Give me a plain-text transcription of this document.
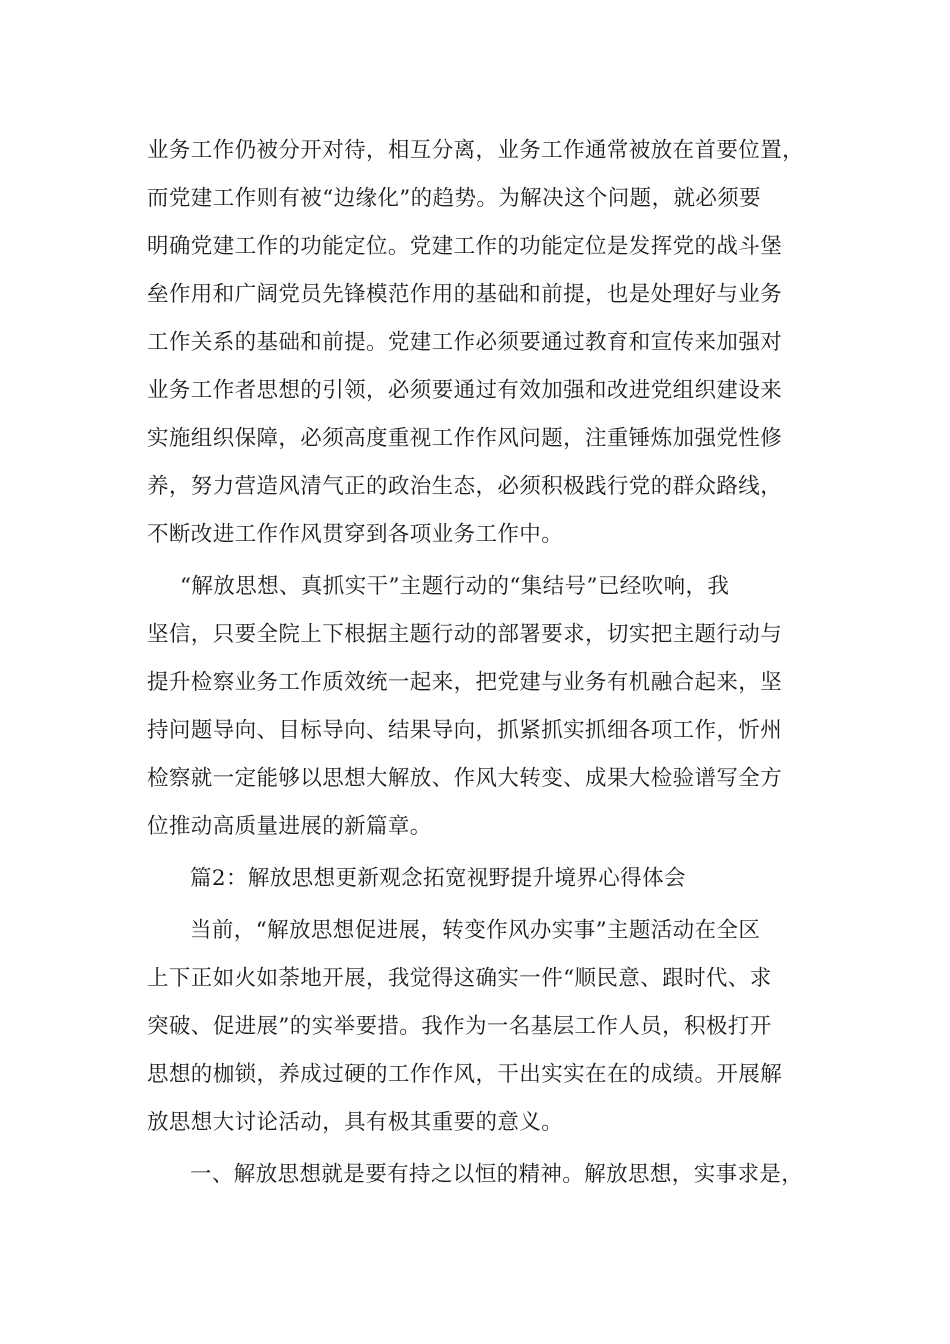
业务工作仍被分开对待，相互分离，业务工作通常被放在首要位置，
而党建工作则有被“边缘化”的趋势。为解决这个问题，就必须要
明确党建工作的功能定位。党建工作的功能定位是发挥党的战斗堡
垒作用和广阔党员先锋模范作用的基础和前提，也是处理好与业务
工作关系的基础和前提。党建工作必须要通过教育和宣传来加强对
业务工作者思想的引领，必须要通过有效加强和改进党组织建设来
实施组织保障，必须高度重视工作作风问题，注重锤炼加强党性修
养，努力营造风清气正的政治生态，必须积极践行党的群众路线，
不断改进工作作风贯穿到各项业务工作中。
“解放思想、真抓实干”主题行动的“集结号”已经吹响，我
坚信，只要全院上下根据主题行动的部署要求，切实把主题行动与
提升检察业务工作质效统一起来，把党建与业务有机融合起来，坚
持问题导向、目标导向、结果导向，抓紧抓实抓细各项工作，忻州
检察就一定能够以思想大解放、作风大转变、成果大检验谱写全方
位推动高质量进展的新篇章。
篇2：解放思想更新观念拓宽视野提升境界心得体会
当前，“解放思想促进展，转变作风办实事”主题活动在全区
上下正如火如荼地开展，我觉得这确实一件“顺民意、跟时代、求
突破、促进展”的实举要措。我作为一名基层工作人员，积极打开
思想的枷锁，养成过硬的工作作风，干出实实在在的成绩。开展解
放思想大讨论活动，具有极其重要的意义。
一、解放思想就是要有持之以恒的精神。解放思想，实事求是，
